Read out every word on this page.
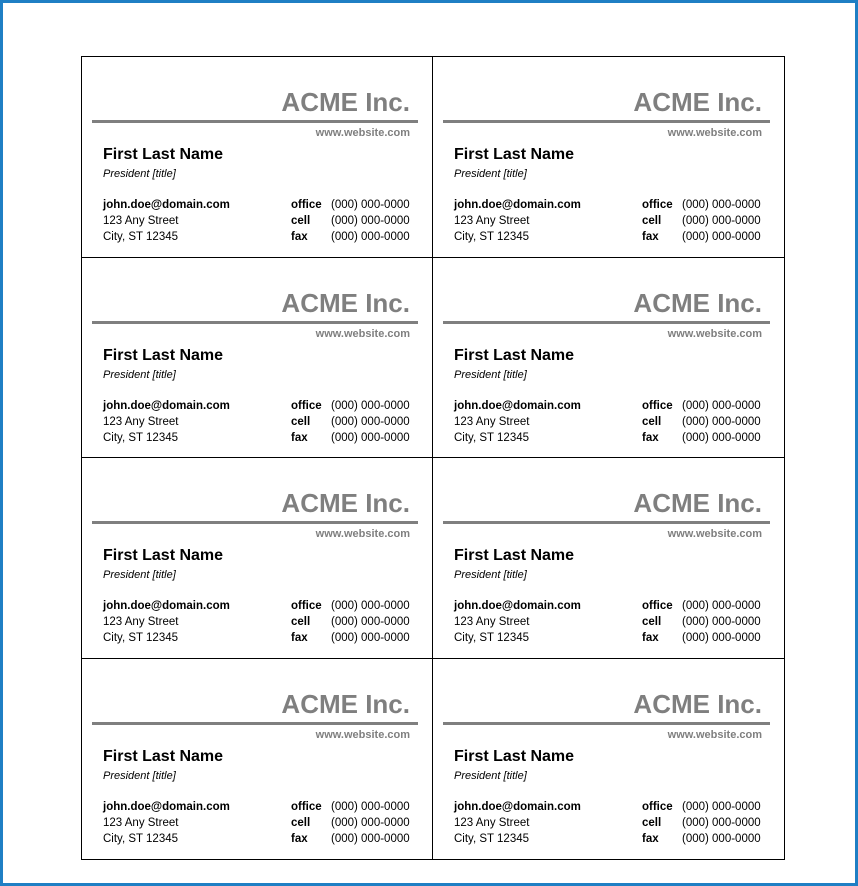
ACME Inc.
www.website.com
First Last Name
President [title]
john.doe@domain.com
123 Any Street
City, ST 12345
office (000) 000-0000
cell (000) 000-0000
fax (000) 000-0000
ACME Inc.
www.website.com
First Last Name
President [title]
john.doe@domain.com
123 Any Street
City, ST 12345
office (000) 000-0000
cell (000) 000-0000
fax (000) 000-0000
ACME Inc.
www.website.com
First Last Name
President [title]
john.doe@domain.com
123 Any Street
City, ST 12345
office (000) 000-0000
cell (000) 000-0000
fax (000) 000-0000
ACME Inc.
www.website.com
First Last Name
President [title]
john.doe@domain.com
123 Any Street
City, ST 12345
office (000) 000-0000
cell (000) 000-0000
fax (000) 000-0000
ACME Inc.
www.website.com
First Last Name
President [title]
john.doe@domain.com
123 Any Street
City, ST 12345
office (000) 000-0000
cell (000) 000-0000
fax (000) 000-0000
ACME Inc.
www.website.com
First Last Name
President [title]
john.doe@domain.com
123 Any Street
City, ST 12345
office (000) 000-0000
cell (000) 000-0000
fax (000) 000-0000
ACME Inc.
www.website.com
First Last Name
President [title]
john.doe@domain.com
123 Any Street
City, ST 12345
office (000) 000-0000
cell (000) 000-0000
fax (000) 000-0000
ACME Inc.
www.website.com
First Last Name
President [title]
john.doe@domain.com
123 Any Street
City, ST 12345
office (000) 000-0000
cell (000) 000-0000
fax (000) 000-0000
